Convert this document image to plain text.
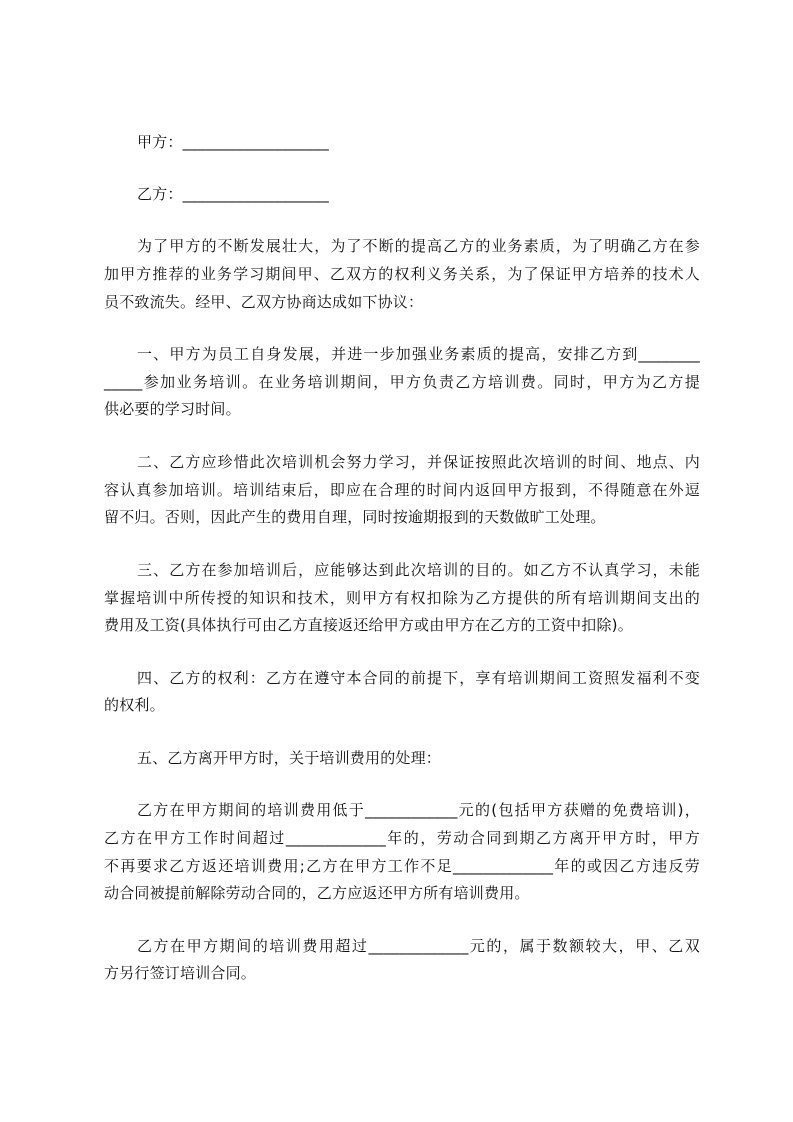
甲方：___________________
乙方：___________________
为了甲方的不断发展壮大，为了不断的提高乙方的业务素质，为了明确乙方在参
加甲方推荐的业务学习期间甲、乙双方的权利义务关系，为了保证甲方培养的技术人
员不致流失。经甲、乙双方协商达成如下协议：
一、甲方为员工自身发展，并进一步加强业务素质的提高，安排乙方到________
_____参加业务培训。在业务培训期间，甲方负责乙方培训费。同时，甲方为乙方提
供必要的学习时间。
二、乙方应珍惜此次培训机会努力学习，并保证按照此次培训的时间、地点、内
容认真参加培训。培训结束后，即应在合理的时间内返回甲方报到，不得随意在外逗
留不归。否则，因此产生的费用自理，同时按逾期报到的天数做旷工处理。
三、乙方在参加培训后，应能够达到此次培训的目的。如乙方不认真学习，未能
掌握培训中所传授的知识和技术，则甲方有权扣除为乙方提供的所有培训期间支出的
费用及工资(具体执行可由乙方直接返还给甲方或由甲方在乙方的工资中扣除)。
四、乙方的权利：乙方在遵守本合同的前提下，享有培训期间工资照发福利不变
的权利。
五、乙方离开甲方时，关于培训费用的处理：
乙方在甲方期间的培训费用低于____________元的(包括甲方获赠的免费培训)，
乙方在甲方工作时间超过_____________年的，劳动合同到期乙方离开甲方时，甲方
不再要求乙方返还培训费用;乙方在甲方工作不足_____________年的或因乙方违反劳
动合同被提前解除劳动合同的，乙方应返还甲方所有培训费用。
乙方在甲方期间的培训费用超过_____________元的，属于数额较大，甲、乙双
方另行签订培训合同。
